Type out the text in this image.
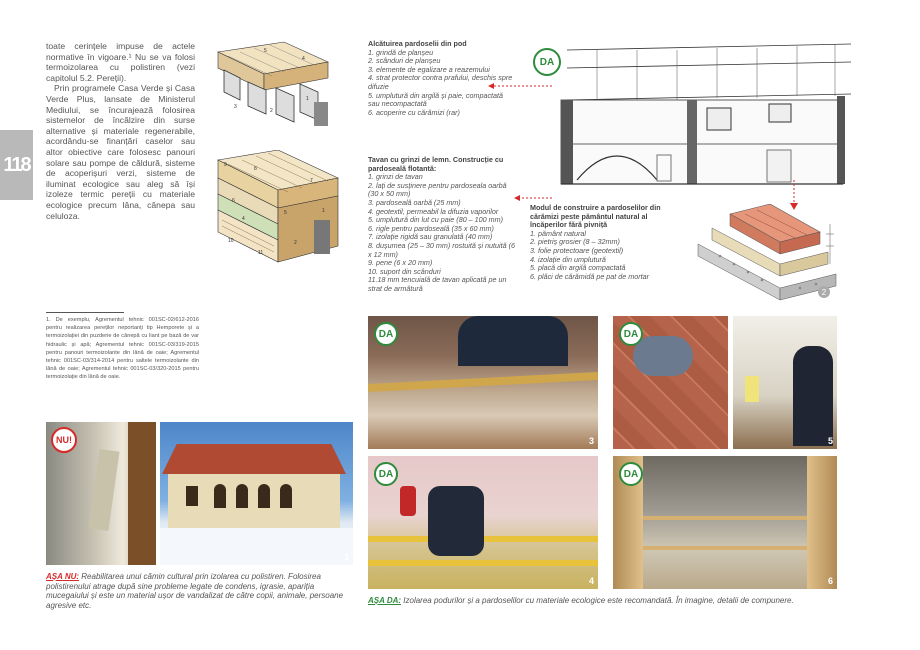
118

toate cerințele impuse de actele normative în vigoare.¹ Nu se va folosi termoizolarea cu polistiren (vezi capitolul 5.2. Pereții).

Prin programele Casa Verde și Casa Verde Plus, lansate de Ministerul Mediului, se încurajează folosirea sistemelor de încălzire din surse alternative și materiale regenerabile, acordându-se finanțări caselor sau altor obiective care folosesc panouri solare sau pompe de căldură, sisteme de acoperișuri verzi, sisteme de iluminat ecologice sau aleg să își izoleze termic pereții cu materiale ecologice precum lâna, cânepa sau celuloza.

1. De exemplu, Agrementul tehnic 001SC-02/612-2016 pentru realizarea pereților neportanți tip Hemporete și a termoizolației din puzderie de cânepă cu liant pe bază de var hidraulic și apă; Agrementul tehnic 001SC-03/319-2015 pentru panouri termoizolante din lână de oaie; Agrementul tehnic 001SC-03/314-2014 pentru saltele termoizolante din lână de oaie; Agrementul tehnic 001SC-03/320-2015 pentru termoizolație din lână de oaie.
5
4
3
2
1
9
8
7
6
5
4
10
11
2
1
Alcătuirea pardoselii din pod
1. grindă de planșeu
2. scânduri de planșeu
3. elemente de egalizare a reazemului
4. strat protector contra prafului, deschis spre difuzie
5. umplutură din argilă și paie, compactată sau necompactată
6. acoperire cu cărămizi (rar)
Tavan cu grinzi de lemn. Construcție cu pardoseală flotantă:
1. grinzi de tavan
2. lați de susținere pentru pardoseala oarbă (30 x 50 mm)
3. pardoseală oarbă (25 mm)
4. geotextil, permeabil la difuzia vaporilor
5. umplutură din lut cu paie (80 – 100 mm)
6. rigle pentru pardoseală (35 x 60 mm)
7. izolație rigidă sau granulată (40 mm)
8. dușumea (25 – 30 mm) rostuită și nutuită (6 x 12 mm)
9. pene (6 x 20 mm)
10. suport din scânduri
11.18 mm tencuială de tavan aplicată pe un strat de armătură
DA
Modul de construire a pardoselilor din cărămizi peste pământul natural al încăperilor fără pivniță
1. pământ natural
2. pietriș grosier (8 – 32mm)
3. folie protectoare (geotextil)
4. izolație din umplutură
5. placă din argilă compactată
6. plăci de cărămidă pe pat de mortar
2
NU!
1
AȘA NU: Reabilitarea unui cămin cultural prin izolarea cu polistiren. Folosirea polistirenului atrage după sine probleme legate de condens, igrasie, apariția mucegaiului și este un material ușor de vandalizat de către copii, animale, persoane agresive etc.
DA
3
DA
5
DA
4
DA
6
AȘA DA: Izolarea podurilor și a pardoselilor cu materiale ecologice este recomandată. În imagine, detalii de compunere.
